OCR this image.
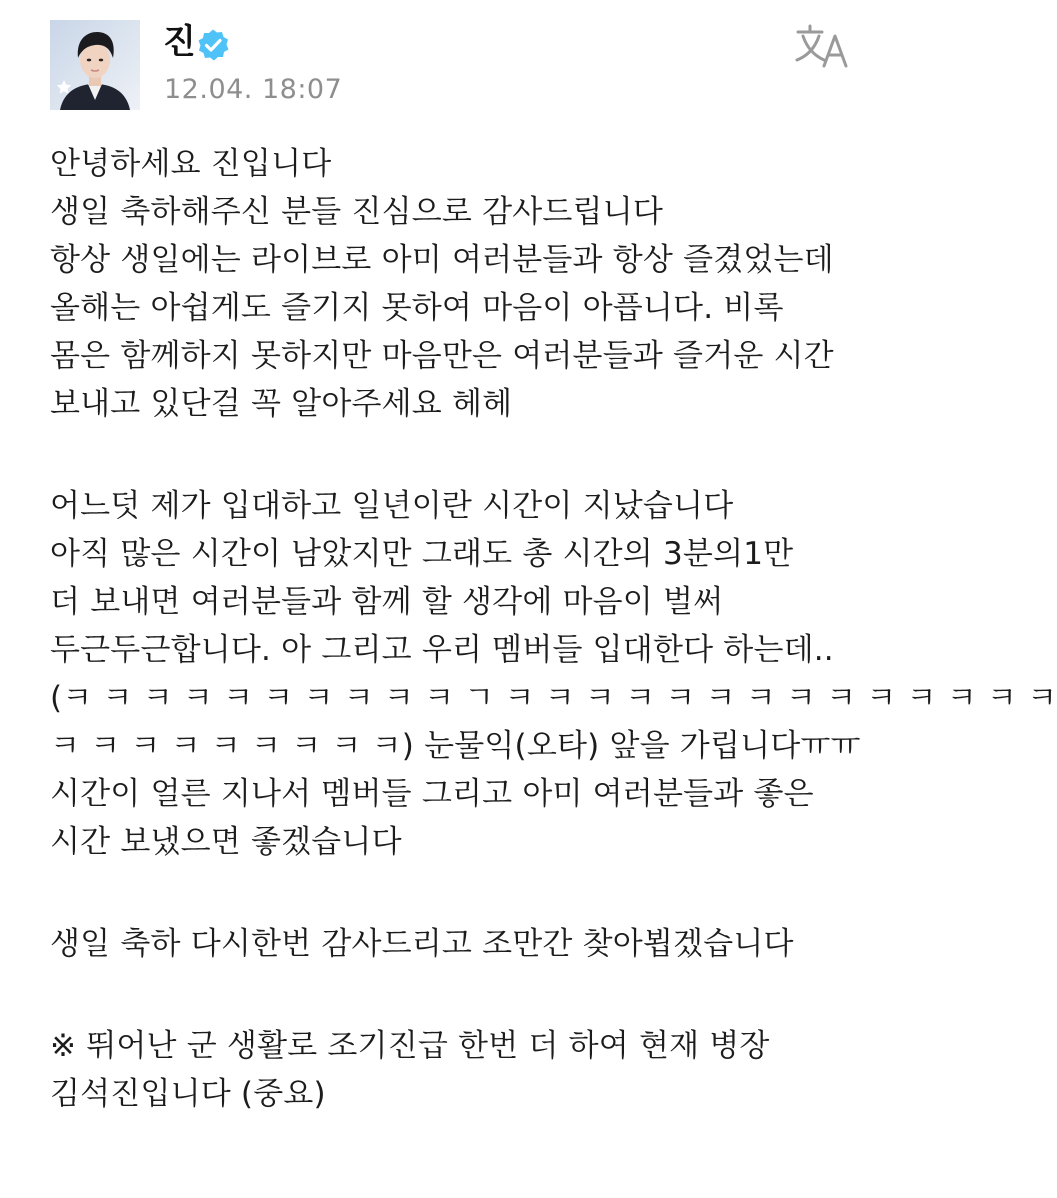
진
12.04. 18:07
안녕하세요 진입니다
생일 축하해주신 분들 진심으로 감사드립니다
항상 생일에는 라이브로 아미 여러분들과 항상 즐겼었는데
올해는 아쉽게도 즐기지 못하여 마음이 아픕니다. 비록
몸은 함께하지 못하지만 마음만은 여러분들과 즐거운 시간
보내고 있단걸 꼭 알아주세요 헤헤
어느덧 제가 입대하고 일년이란 시간이 지났습니다
아직 많은 시간이 남았지만 그래도 총 시간의 3분의1만
더 보내면 여러분들과 함께 할 생각에 마음이 벌써
두근두근합니다. 아 그리고 우리 멤버들 입대한다 하는데..
(ㅋ ㅋ ㅋ ㅋ ㅋ ㅋ ㅋ ㅋ ㅋ ㅋ ㄱ ㅋ ㅋ ㅋ ㅋ ㅋ ㅋ ㅋ ㅋ ㅋ ㅋ ㅋ ㅋ ㅋ ㅋ
ㅋ ㅋ ㅋ ㅋ ㅋ ㅋ ㅋ ㅋ ㅋ) 눈물익(오타) 앞을 가립니다ㅠㅠ
시간이 얼른 지나서 멤버들 그리고 아미 여러분들과 좋은
시간 보냈으면 좋겠습니다
생일 축하 다시한번 감사드리고 조만간 찾아뵙겠습니다
※ 뛰어난 군 생활로 조기진급 한번 더 하여 현재 병장
김석진입니다 (중요)
